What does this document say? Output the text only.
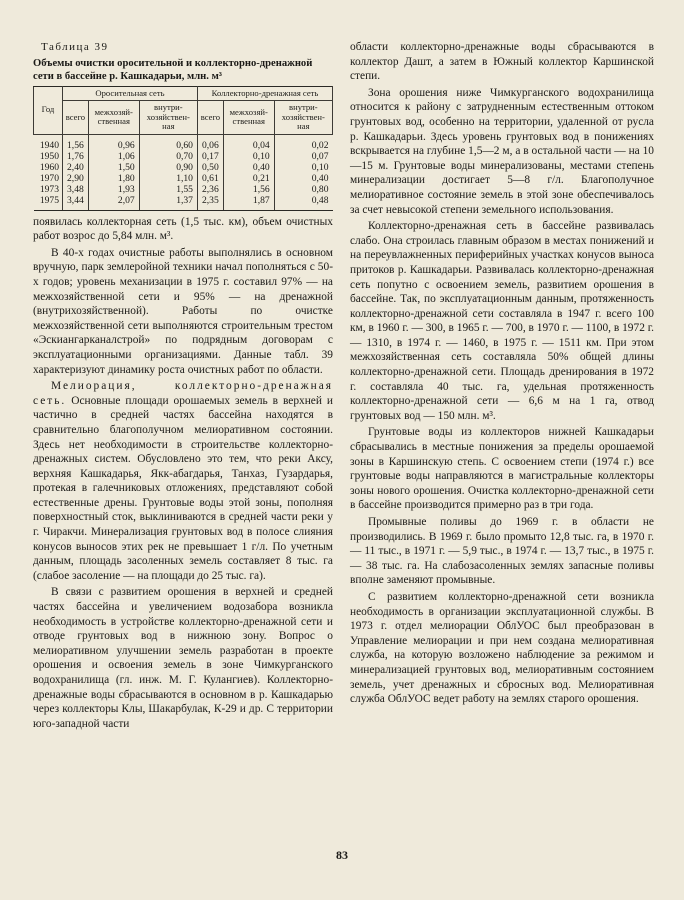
Таблица 39
Объемы очистки оросительной и коллекторно-дренажной сети в бассейне р. Кашкадарьи, млн. м³
Год	Оросительная сеть			Коллекторно-дренажная сеть		
	всего	межхозяй-ственная	внутри-хозяйствен-ная	всего	межхозяй-ственная	внутри-хозяйствен-ная
1940	1,56	0,96	0,60	0,06	0,04	0,02
1950	1,76	1,06	0,70	0,17	0,10	0,07
1960	2,40	1,50	0,90	0,50	0,40	0,10
1970	2,90	1,80	1,10	0,61	0,21	0,40
1973	3,48	1,93	1,55	2,36	1,56	0,80
1975	3,44	2,07	1,37	2,35	1,87	0,48

появилась коллекторная сеть (1,5 тыс. км), объем очистных работ возрос до 5,84 млн. м³.

В 40-х годах очистные работы выполнялись в основном вручную, парк землеройной техники начал пополняться с 50-х годов; уровень механизации в 1975 г. составил 97% — на межхозяйственной сети и 95% — на дренажной (внутрихозяйственной). Работы по очистке межхозяйственной сети выполняются строительным трестом «Эскиангарканалстрой» по подрядным договорам с эксплуатационными организациями. Данные табл. 39 характеризуют динамику роста очистных работ по области.

Мелиорация, коллекторно-дренажная сеть. Основные площади орошаемых земель в верхней и частично в средней частях бассейна находятся в сравнительно благополучном мелиоративном состоянии. Здесь нет необходимости в строительстве коллекторно-дренажных систем. Обусловлено это тем, что реки Аксу, верхняя Кашкадарья, Якк-абагдарья, Танхаз, Гузардарья, протекая в галечниковых отложениях, представляют собой естественные дрены. Грунтовые воды этой зоны, пополняя поверхностный сток, выклиниваются в средней части реки у г. Чиракчи. Минерализация грунтовых вод в полосе слияния конусов выносов этих рек не превышает 1 г/л. По учетным данным, площадь засоленных земель составляет 8 тыс. га (слабое засоление — на площади до 25 тыс. га).

В связи с развитием орошения в верхней и средней частях бассейна и увеличением водозабора возникла необходимость в устройстве коллекторно-дренажной сети и отводе грунтовых вод в нижнюю зону. Вопрос о мелиоративном улучшении земель разработан в проекте орошения и освоения земель в зоне Чимкурганского водохранилища (гл. инж. М. Г. Кулангиев). Коллекторно-дренажные воды сбрасываются в основном в р. Кашкадарью через коллекторы Клы, Шакарбулак, К-29 и др. С территории юго-западной части

области коллекторно-дренажные воды сбрасываются в коллектор Дашт, а затем в Южный коллектор Каршинской степи.

Зона орошения ниже Чимкурганского водохранилища относится к району с затрудненным естественным оттоком грунтовых вод, особенно на территории, удаленной от русла р. Кашкадарьи. Здесь уровень грунтовых вод в понижениях вскрывается на глубине 1,5—2 м, а в остальной части — на 10—15 м. Грунтовые воды минерализованы, местами степень минерализации достигает 5—8 г/л. Благополучное мелиоративное состояние земель в этой зоне обеспечивалось за счет невысокой степени земельного использования.

Коллекторно-дренажная сеть в бассейне развивалась слабо. Она строилась главным образом в местах понижений и на переувлажненных периферийных участках конусов выноса притоков р. Кашкадарьи. Развивалась коллекторно-дренажная сеть попутно с освоением земель, развитием орошения в бассейне. Так, по эксплуатационным данным, протяженность коллекторно-дренажной сети составляла в 1947 г. всего 100 км, в 1960 г. — 300, в 1965 г. — 700, в 1970 г. — 1100, в 1972 г. — 1310, в 1974 г. — 1460, в 1975 г. — 1511 км. При этом межхозяйственная сеть составляла 50% общей длины коллекторно-дренажной сети. Площадь дренирования в 1972 г. составляла 40 тыс. га, удельная протяженность коллекторно-дренажной сети — 6,6 м на 1 га, отвод грунтовых вод — 150 млн. м³.

Грунтовые воды из коллекторов нижней Кашкадарьи сбрасывались в местные понижения за пределы орошаемой зоны в Каршинскую степь. С освоением степи (1974 г.) все грунтовые воды направляются в магистральные коллекторы зоны нового орошения. Очистка коллекторно-дренажной сети в бассейне производится примерно раз в три года.

Промывные поливы до 1969 г. в области не производились. В 1969 г. было промыто 12,8 тыс. га, в 1970 г. — 11 тыс., в 1971 г. — 5,9 тыс., в 1974 г. — 13,7 тыс., в 1975 г. — 38 тыс. га. На слабозасоленных землях запасные поливы вполне заменяют промывные.

С развитием коллекторно-дренажной сети возникла необходимость в организации эксплуатационной службы. В 1973 г. отдел мелиорации ОблУОС был преобразован в Управление мелиорации и при нем создана мелиоративная служба, на которую возложено наблюдение за режимом и минерализацией грунтовых вод, мелиоративным состоянием земель, учет дренажных и сбросных вод. Мелиоративная служба ОблУОС ведет работу на землях старого орошения.

83
